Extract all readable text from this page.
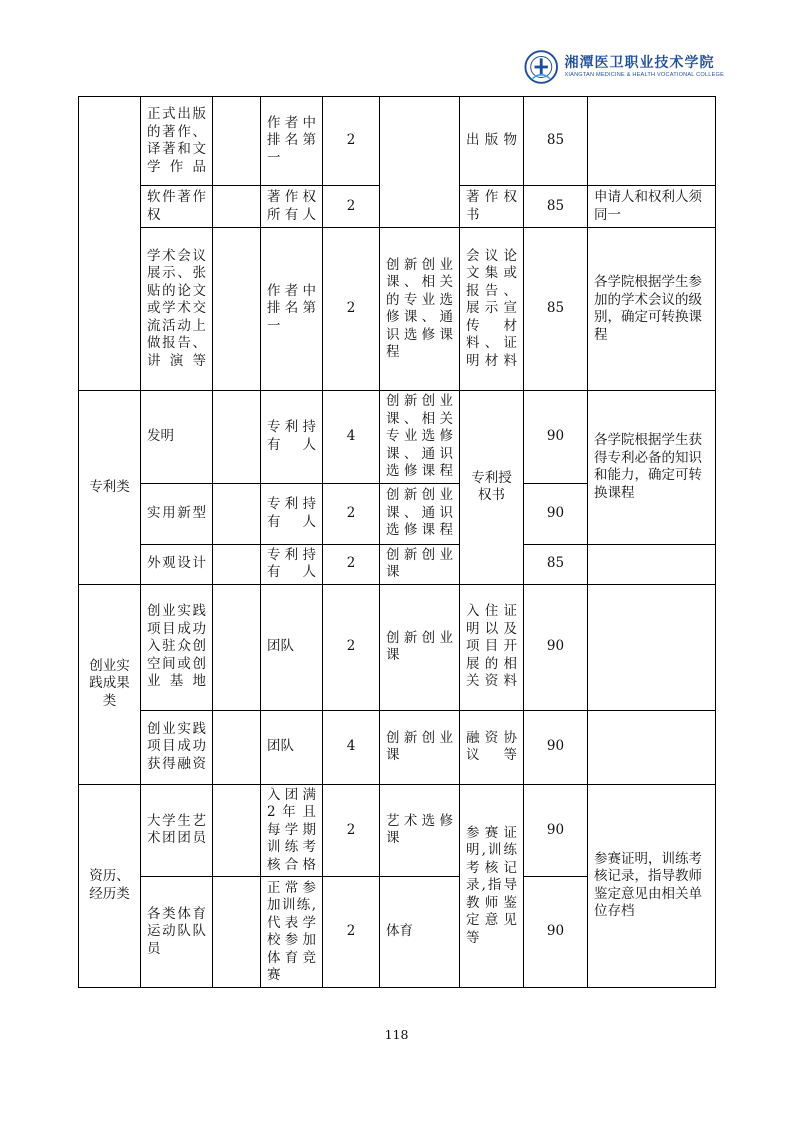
湘潭医卫职业技术学院
XIANGTAN MEDICINE & HEALTH VOCATIONAL COLLEGE
	正式出版的著作、译著和文学作品		作者中排名第一	2		出版物	85	
	软件著作权		著作权所有人	2		著作权书	85	申请人和权利人须同一
	学术会议展示、张贴的论文或学术交流活动上做报告、讲演等		作者中排名第一	2	创新创业课、相关的专业选修课、通识选修课程	会议论文集或报告、展示宣传材料、证明材料	85	各学院根据学生参加的学术会议的级别，确定可转换课程
专利类	发明		专利持有人	4	创新创业课、相关专业选修课、通识选修课程	专利授权书	90	各学院根据学生获得专利必备的知识和能力，确定可转换课程
	实用新型		专利持有人	2	创新创业课、通识选修课程		90	
	外观设计		专利持有人	2	创新创业课		85	
创业实践成果类	创业实践项目成功入驻众创空间或创业基地		团队	2	创新创业课	入住证明以及项目开展的相关资料	90	
	创业实践项目成功获得融资		团队	4	创新创业课	融资协议等	90	
资历、经历类	大学生艺术团团员		入团满2年且每学期训练考核合格	2	艺术选修课	参赛证明,训练考核记录,指导教师鉴定意见等	90	参赛证明，训练考核记录，指导教师鉴定意见由相关单位存档
	各类体育运动队队员		正常参加训练,代表学校参加体育竞赛	2	体育		90	
118
